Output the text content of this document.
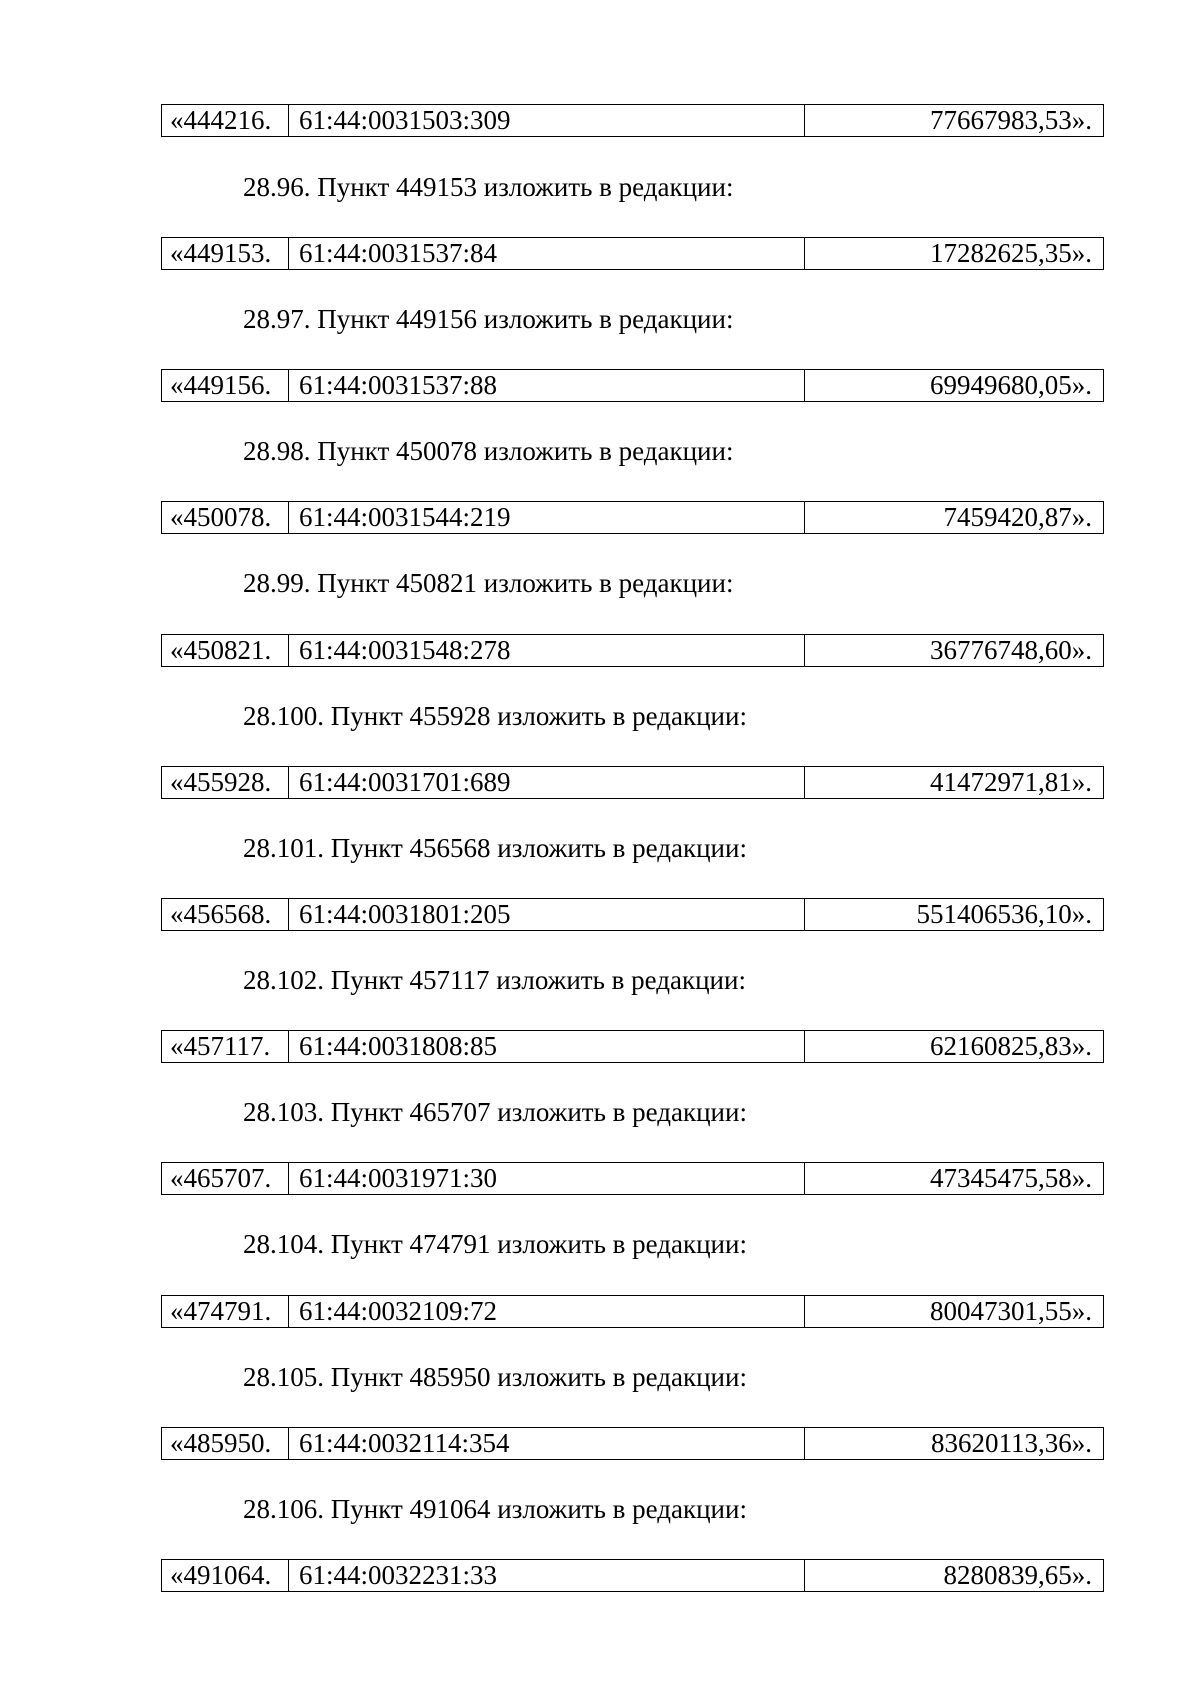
«444216.	61:44:0031503:309	77667983,53».
28.96. Пункт 449153 изложить в редакции:
«449153.	61:44:0031537:84	17282625,35».
28.97. Пункт 449156 изложить в редакции:
«449156.	61:44:0031537:88	69949680,05».
28.98. Пункт 450078 изложить в редакции:
«450078.	61:44:0031544:219	7459420,87».
28.99. Пункт 450821 изложить в редакции:
«450821.	61:44:0031548:278	36776748,60».
28.100. Пункт 455928 изложить в редакции:
«455928.	61:44:0031701:689	41472971,81».
28.101. Пункт 456568 изложить в редакции:
«456568.	61:44:0031801:205	551406536,10».
28.102. Пункт 457117 изложить в редакции:
«457117.	61:44:0031808:85	62160825,83».
28.103. Пункт 465707 изложить в редакции:
«465707.	61:44:0031971:30	47345475,58».
28.104. Пункт 474791 изложить в редакции:
«474791.	61:44:0032109:72	80047301,55».
28.105. Пункт 485950 изложить в редакции:
«485950.	61:44:0032114:354	83620113,36».
28.106. Пункт 491064 изложить в редакции:
«491064.	61:44:0032231:33	8280839,65».
